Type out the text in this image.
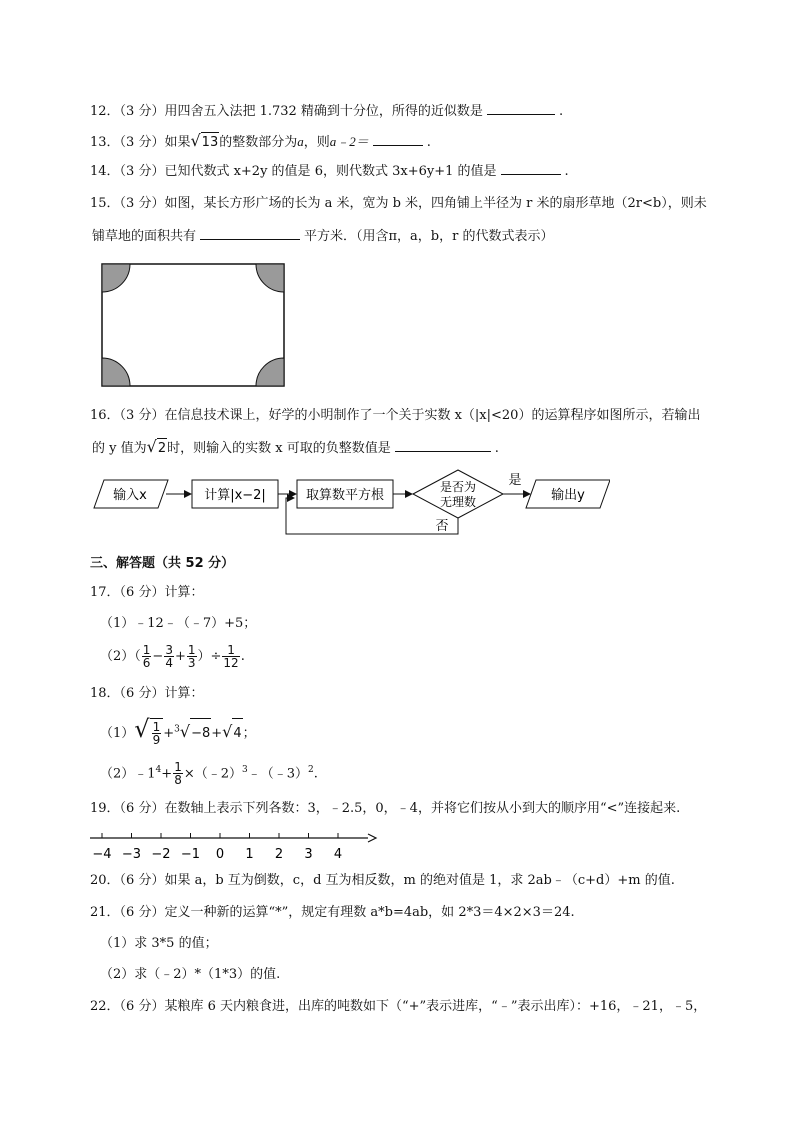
12．（3 分）用四舍五入法把 1.732 精确到十分位，所得的近似数是	.
13．（3 分）如果√13的整数部分为a，则a﹣2＝	.
14．（3 分）已知代数式 x+2y 的值是 6，则代数式 3x+6y+1 的值是	.
15．（3 分）如图，某长方形广场的长为 a 米，宽为 b 米，四角铺上半径为 r 米的扇形草地（2r<b），则未
铺草地的面积共有	平方米．（用含π，a，b，r 的代数式表示）
16．（3 分）在信息技术课上，好学的小明制作了一个关于实数 x（|x|<20）的运算程序如图所示，若输出
的 y 值为√2时，则输入的实数 x 可取的负整数值是	.
输入x	计算|x−2|	取算数平方根
是否为
无理数
是
输出y
否
三、解答题（共 52 分）
17．（6 分）计算：
（1）﹣12﹣（﹣7）+5；
$(2)( \frac{1}{6} - \frac{3}{4} + \frac{1}{3}$ ）÷ $\frac{1}{12}$ .
18．（6 分）计算：
$(1)√ \frac{1}{9} +^3√-8+√4$；
$(2)﹣1^4+ \frac{1}{8}$ ×（﹣2）$^3$﹣（﹣3）$^2$.
19．（6 分）在数轴上表示下列各数：3，﹣2.5，0，﹣4，并将它们按从小到大的顺序用“<”连接起来.
−4 −3 −2 −1 0 1 2 3 4
20．（6 分）如果 a，b 互为倒数，c，d 互为相反数，m 的绝对值是 1，求 2ab﹣（c+d）+m 的值.
21．（6 分）定义一种新的运算“*”，规定有理数 a*b=4ab，如 2*3＝4×2×3＝24.
（1）求 3*5 的值；
（2）求（﹣2）*（1*3）的值.
22．（6 分）某粮库 6 天内粮食进，出库的吨数如下（“+”表示进库，“﹣”表示出库）：+16，﹣21，﹣5，
